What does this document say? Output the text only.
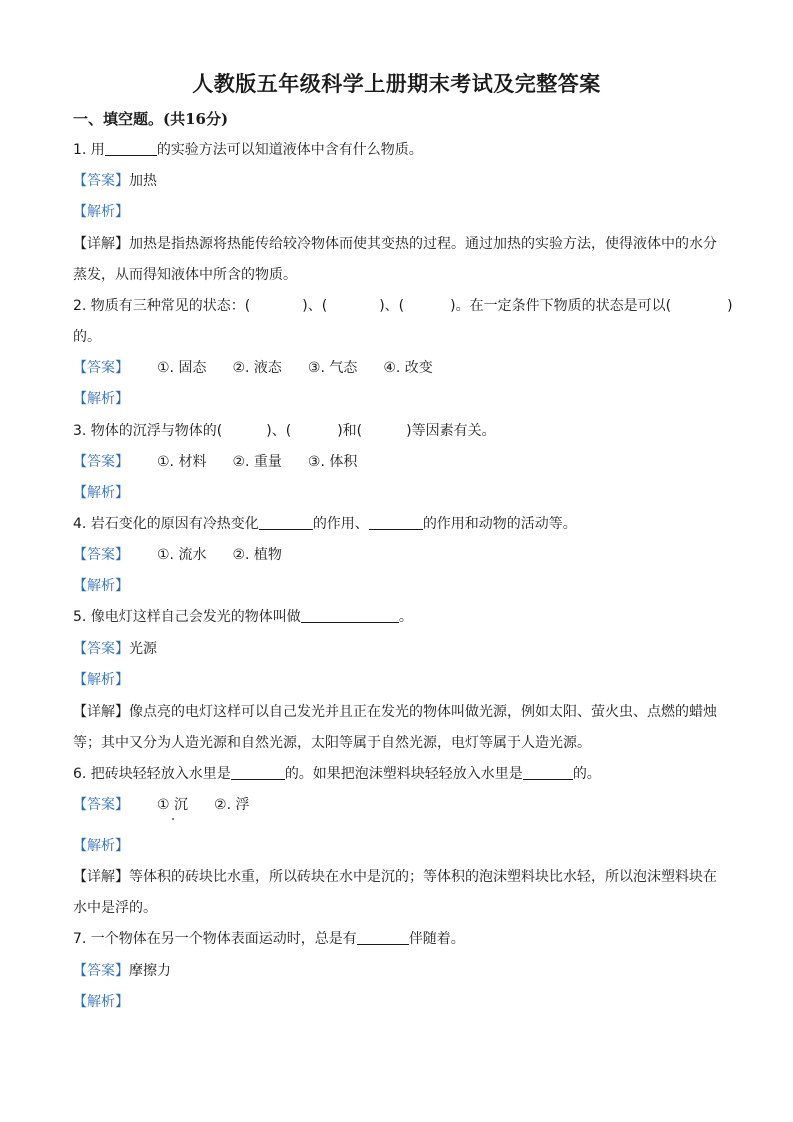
人教版五年级科学上册期末考试及完整答案
一、填空题。(共16分)
1. 用	的实验方法可以知道液体中含有什么物质。
【答案】加热
【解析】
【详解】加热是指热源将热能传给较冷物体而使其变热的过程。通过加热的实验方法，使得液体中的水分
蒸发，从而得知液体中所含的物质。
2. 物质有三种常见的状态：(	)、(	)、(	)。在一定条件下物质的状态是可以(	)
的。
【答案】 ①. 固态 ②. 液态 ③. 气态 ④. 改变
【解析】
3. 物体的沉浮与物体的(	)、(	)和(	)等因素有关。
【答案】 ①. 材料 ②. 重量 ③. 体积
【解析】
4. 岩石变化的原因有冷热变化	的作用、	的作用和动物的活动等。
【答案】 ①. 流水 ②. 植物
【解析】
5. 像电灯这样自己会发光的物体叫做	。
【答案】光源
【解析】
【详解】像点亮的电灯这样可以自己发光并且正在发光的物体叫做光源，例如太阳、萤火虫、点燃的蜡烛
等；其中又分为人造光源和自然光源，太阳等属于自然光源，电灯等属于人造光源。
6. 把砖块轻轻放入水里是	的。如果把泡沫塑料块轻轻放入水里是	的。
【答案】 ① 沉 ②. 浮
【解析】
【详解】等体积的砖块比水重，所以砖块在水中是沉的；等体积的泡沫塑料块比水轻，所以泡沫塑料块在
水中是浮的。
7. 一个物体在另一个物体表面运动时，总是有	伴随着。
【答案】摩擦力
【解析】
